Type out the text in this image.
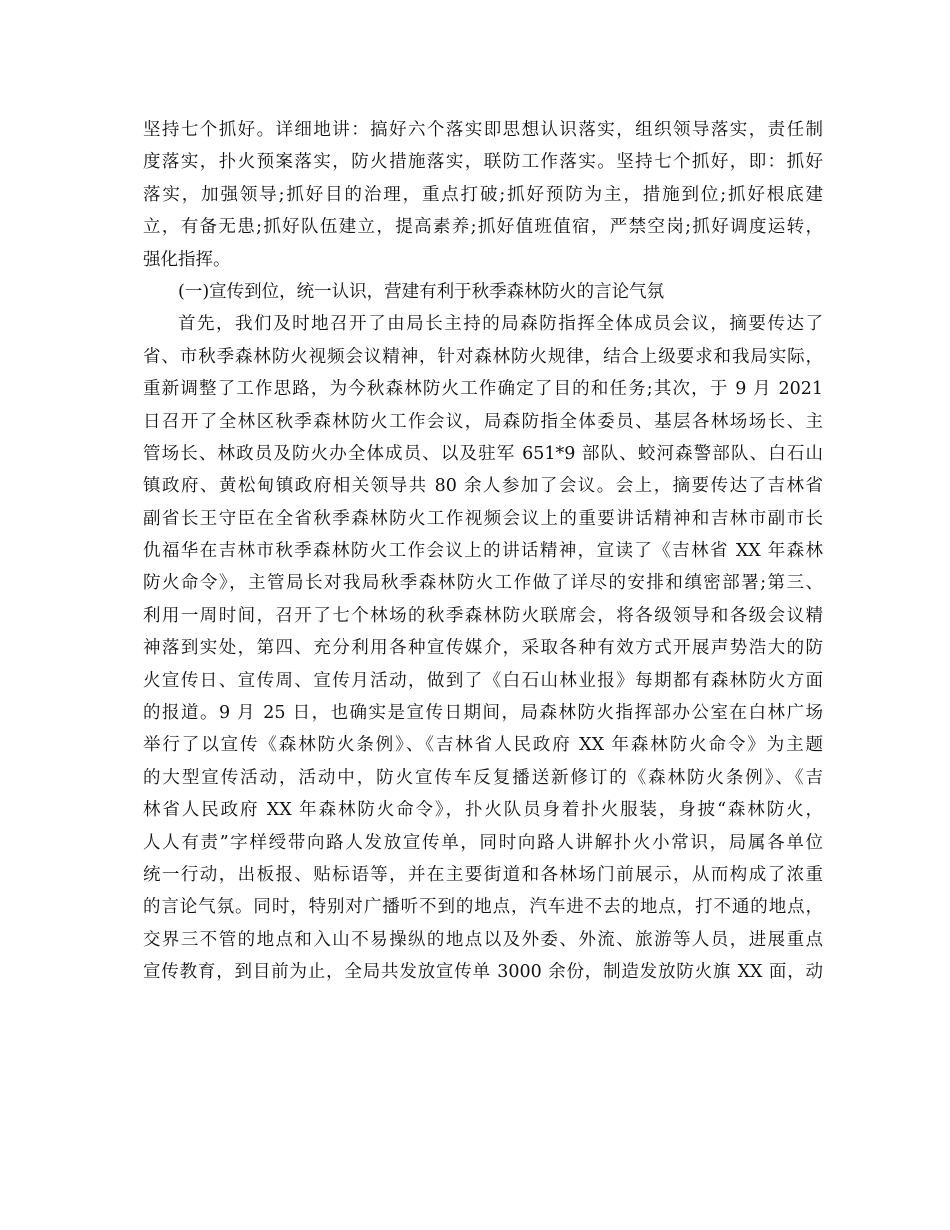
坚持七个抓好。详细地讲：搞好六个落实即思想认识落实，组织领导落实，责任制
度落实，扑火预案落实，防火措施落实，联防工作落实。坚持七个抓好，即：抓好
落实，加强领导;抓好目的治理，重点打破;抓好预防为主，措施到位;抓好根底建
立，有备无患;抓好队伍建立，提高素养;抓好值班值宿，严禁空岗;抓好调度运转，
强化指挥。
(一)宣传到位，统一认识，营建有利于秋季森林防火的言论气氛
首先，我们及时地召开了由局长主持的局森防指挥全体成员会议，摘要传达了
省、市秋季森林防火视频会议精神，针对森林防火规律，结合上级要求和我局实际，
重新调整了工作思路，为今秋森林防火工作确定了目的和任务;其次，于 9 月 2021
日召开了全林区秋季森林防火工作会议，局森防指全体委员、基层各林场场长、主
管场长、林政员及防火办全体成员、以及驻军 651*9 部队、蛟河森警部队、白石山
镇政府、黄松甸镇政府相关领导共 80 余人参加了会议。会上，摘要传达了吉林省
副省长王守臣在全省秋季森林防火工作视频会议上的重要讲话精神和吉林市副市长
仇福华在吉林市秋季森林防火工作会议上的讲话精神，宣读了《吉林省 XX 年森林
防火命令》，主管局长对我局秋季森林防火工作做了详尽的安排和缜密部署;第三、
利用一周时间，召开了七个林场的秋季森林防火联席会，将各级领导和各级会议精
神落到实处，第四、充分利用各种宣传媒介，采取各种有效方式开展声势浩大的防
火宣传日、宣传周、宣传月活动，做到了《白石山林业报》每期都有森林防火方面
的报道。9 月 25 日，也确实是宣传日期间，局森林防火指挥部办公室在白林广场
举行了以宣传《森林防火条例》、《吉林省人民政府 XX 年森林防火命令》为主题
的大型宣传活动，活动中，防火宣传车反复播送新修订的《森林防火条例》、《吉
林省人民政府 XX 年森林防火命令》，扑火队员身着扑火服装，身披“森林防火，
人人有责”字样绶带向路人发放宣传单，同时向路人讲解扑火小常识，局属各单位
统一行动，出板报、贴标语等，并在主要街道和各林场门前展示，从而构成了浓重
的言论气氛。同时，特别对广播听不到的地点，汽车进不去的地点，打不通的地点，
交界三不管的地点和入山不易操纵的地点以及外委、外流、旅游等人员，进展重点
宣传教育，到目前为止，全局共发放宣传单 3000 余份，制造发放防火旗 XX 面，动
